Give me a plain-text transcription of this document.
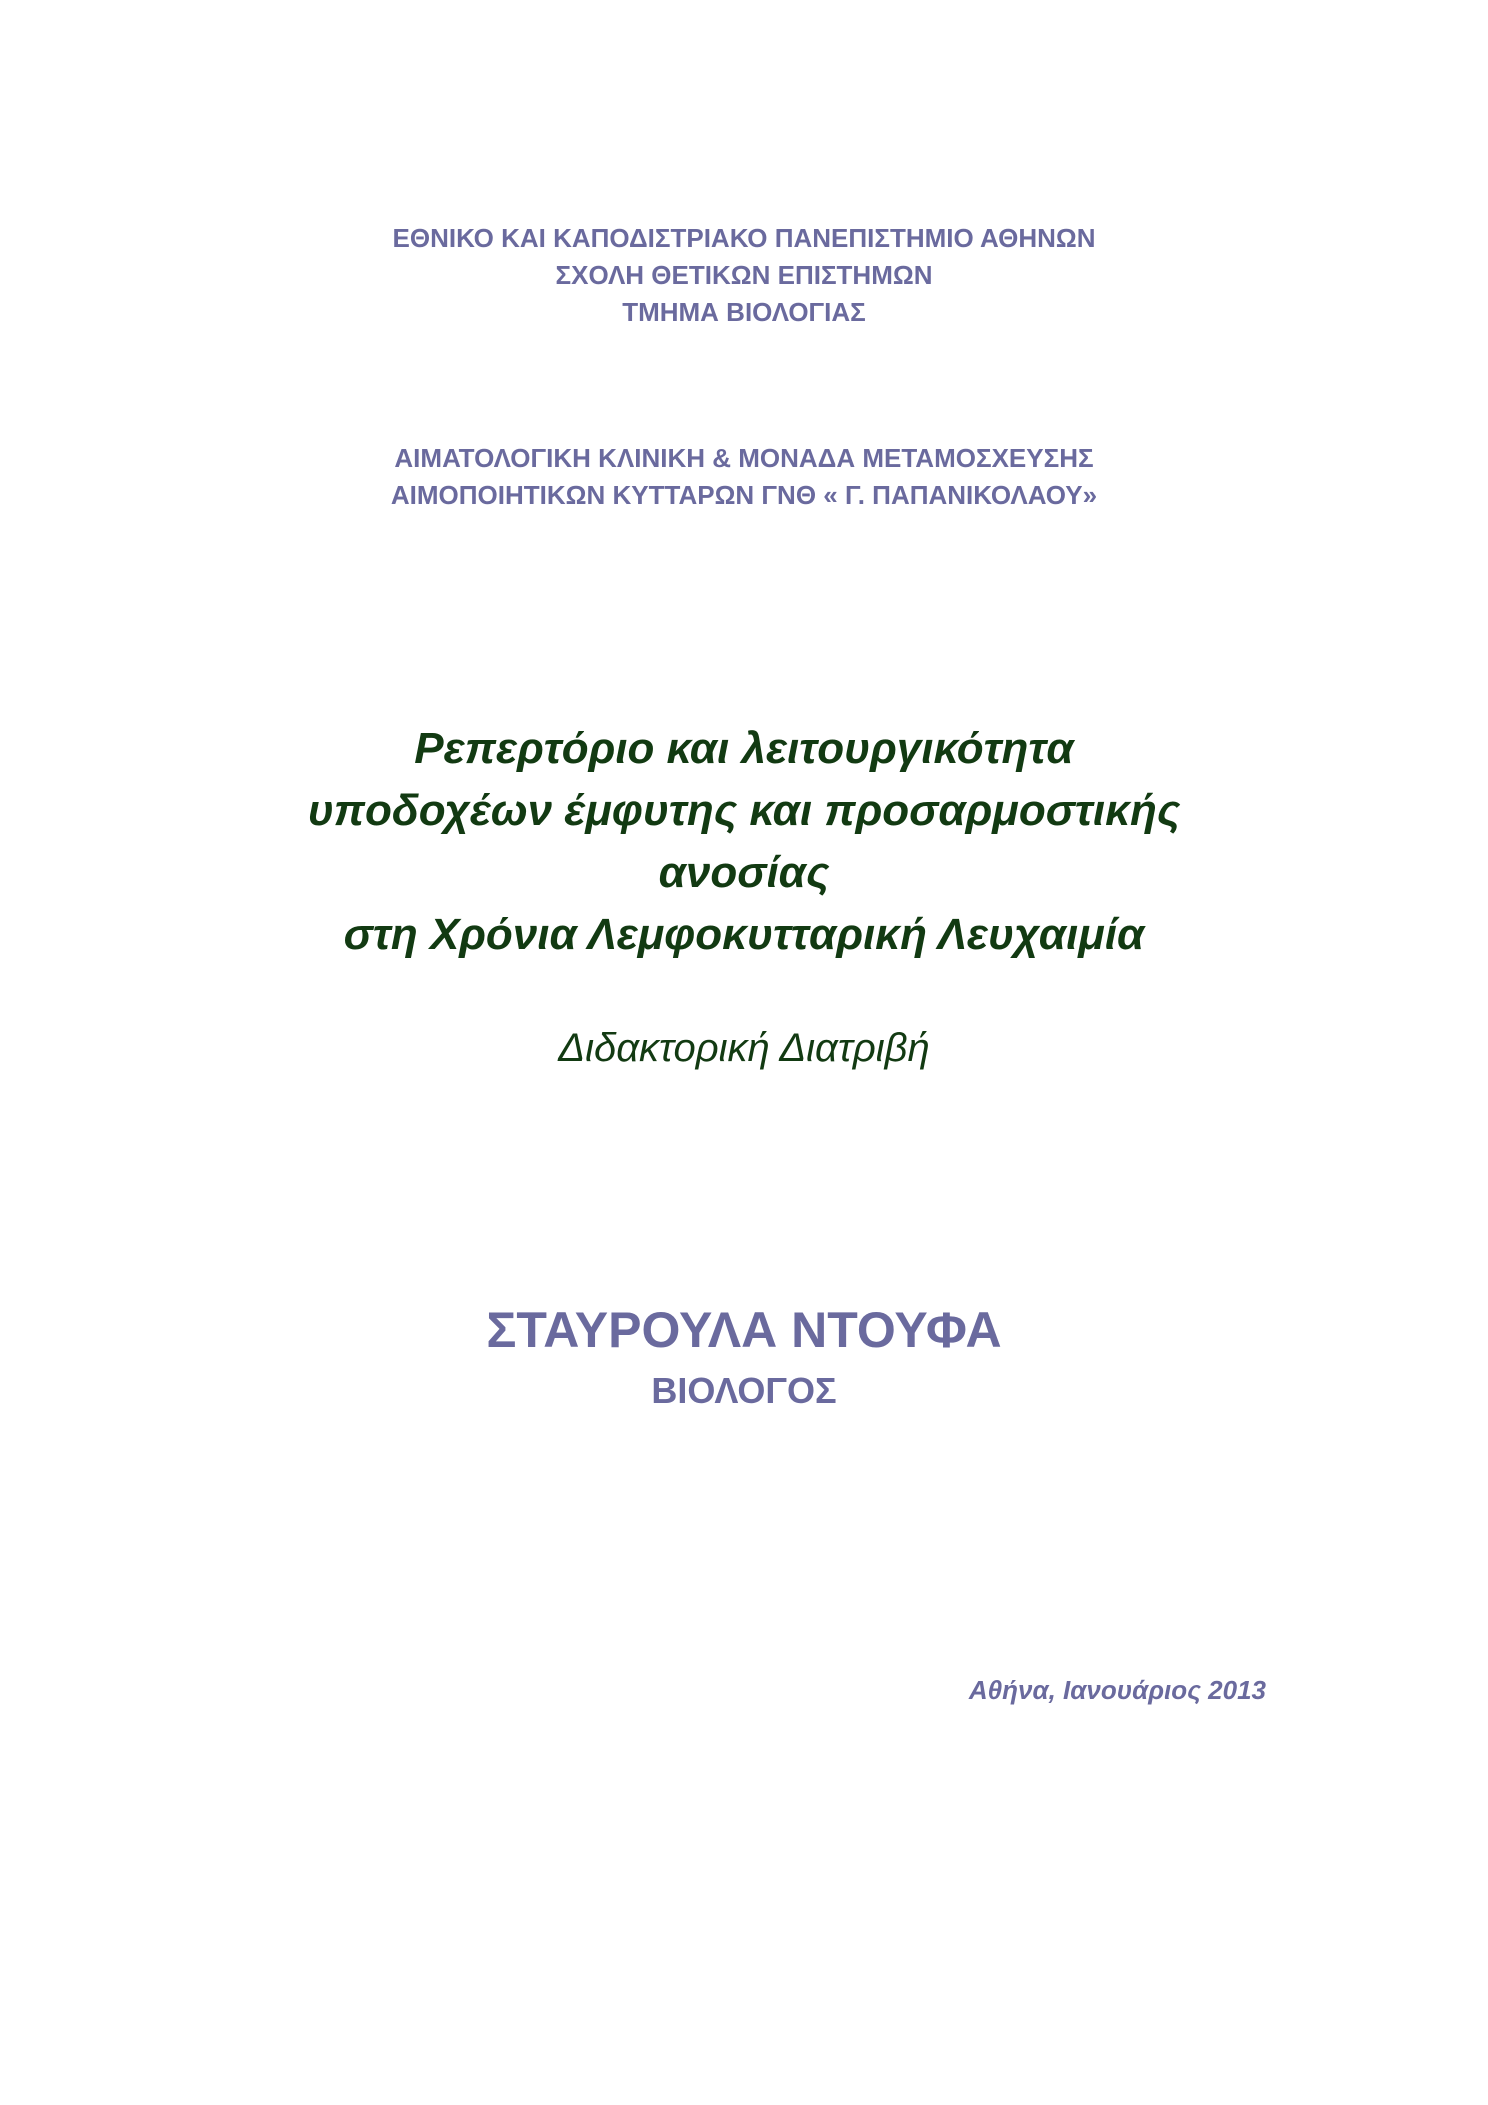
ΕΘΝΙΚΟ ΚΑΙ ΚΑΠΟΔΙΣΤΡΙΑΚΟ ΠΑΝΕΠΙΣΤΗΜΙΟ ΑΘΗΝΩΝ
ΣΧΟΛΗ ΘΕΤΙΚΩΝ ΕΠΙΣΤΗΜΩΝ
ΤΜΗΜΑ ΒΙΟΛΟΓΙΑΣ
ΑΙΜΑΤΟΛΟΓΙΚΗ ΚΛΙΝΙΚΗ & ΜΟΝΑΔΑ ΜΕΤΑΜΟΣΧΕΥΣΗΣ
ΑΙΜΟΠΟΙΗΤΙΚΩΝ ΚΥΤΤΑΡΩΝ ΓΝΘ « Γ. ΠΑΠΑΝΙΚΟΛΑΟΥ»
Ρεπερτόριο και λειτουργικότητα
υποδοχέων έμφυτης και προσαρμοστικής
ανοσίας
στη Χρόνια Λεμφοκυτταρική Λευχαιμία
Διδακτορική Διατριβή
ΣΤΑΥΡΟΥΛΑ ΝΤΟΥΦΑ
ΒΙΟΛΟΓΟΣ
Αθήνα, Ιανουάριος 2013
